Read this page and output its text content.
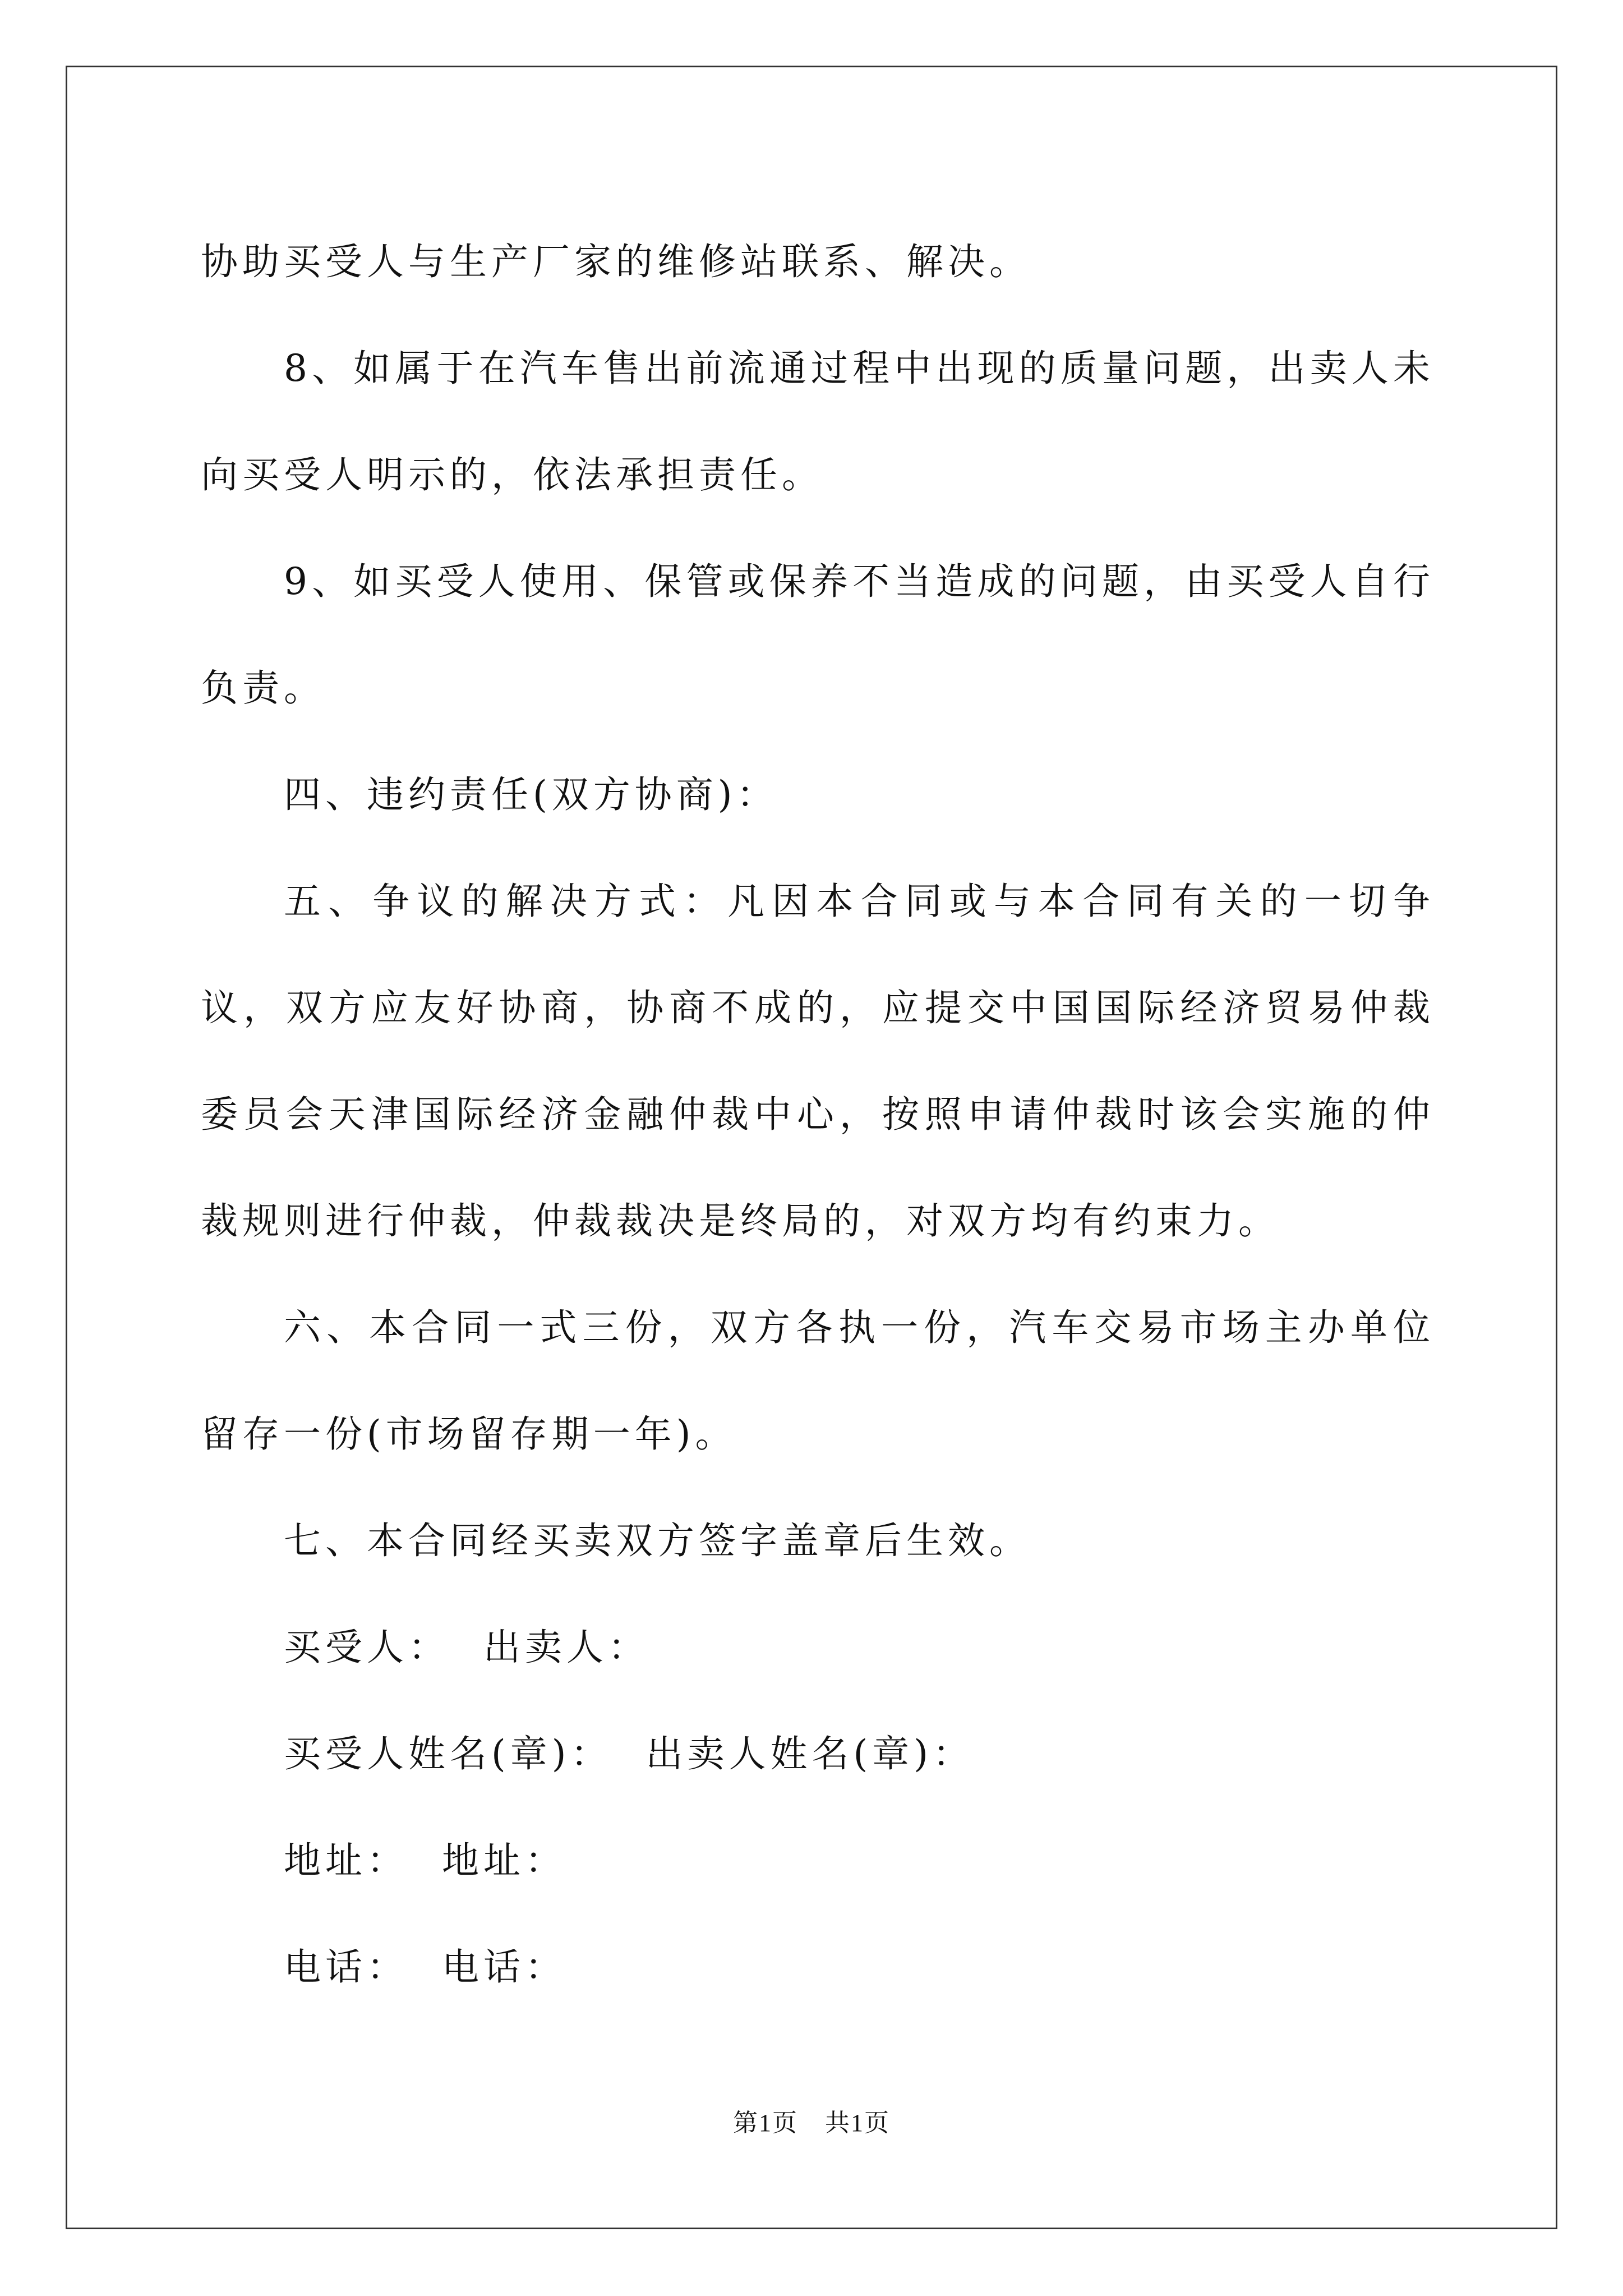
协助买受人与生产厂家的维修站联系、解决。

8、如属于在汽车售出前流通过程中出现的质量问题，出卖人未向买受人明示的，依法承担责任。

9、如买受人使用、保管或保养不当造成的问题，由买受人自行负责。

四、违约责任(双方协商)：

五、争议的解决方式：凡因本合同或与本合同有关的一切争议，双方应友好协商，协商不成的，应提交中国国际经济贸易仲裁委员会天津国际经济金融仲裁中心，按照申请仲裁时该会实施的仲裁规则进行仲裁，仲裁裁决是终局的，对双方均有约束力。

六、本合同一式三份，双方各执一份，汽车交易市场主办单位留存一份(市场留存期一年)。

七、本合同经买卖双方签字盖章后生效。

买受人： 出卖人：
买受人姓名(章)： 出卖人姓名(章)：
地址： 地址：
电话： 电话：
第1页 共1页
